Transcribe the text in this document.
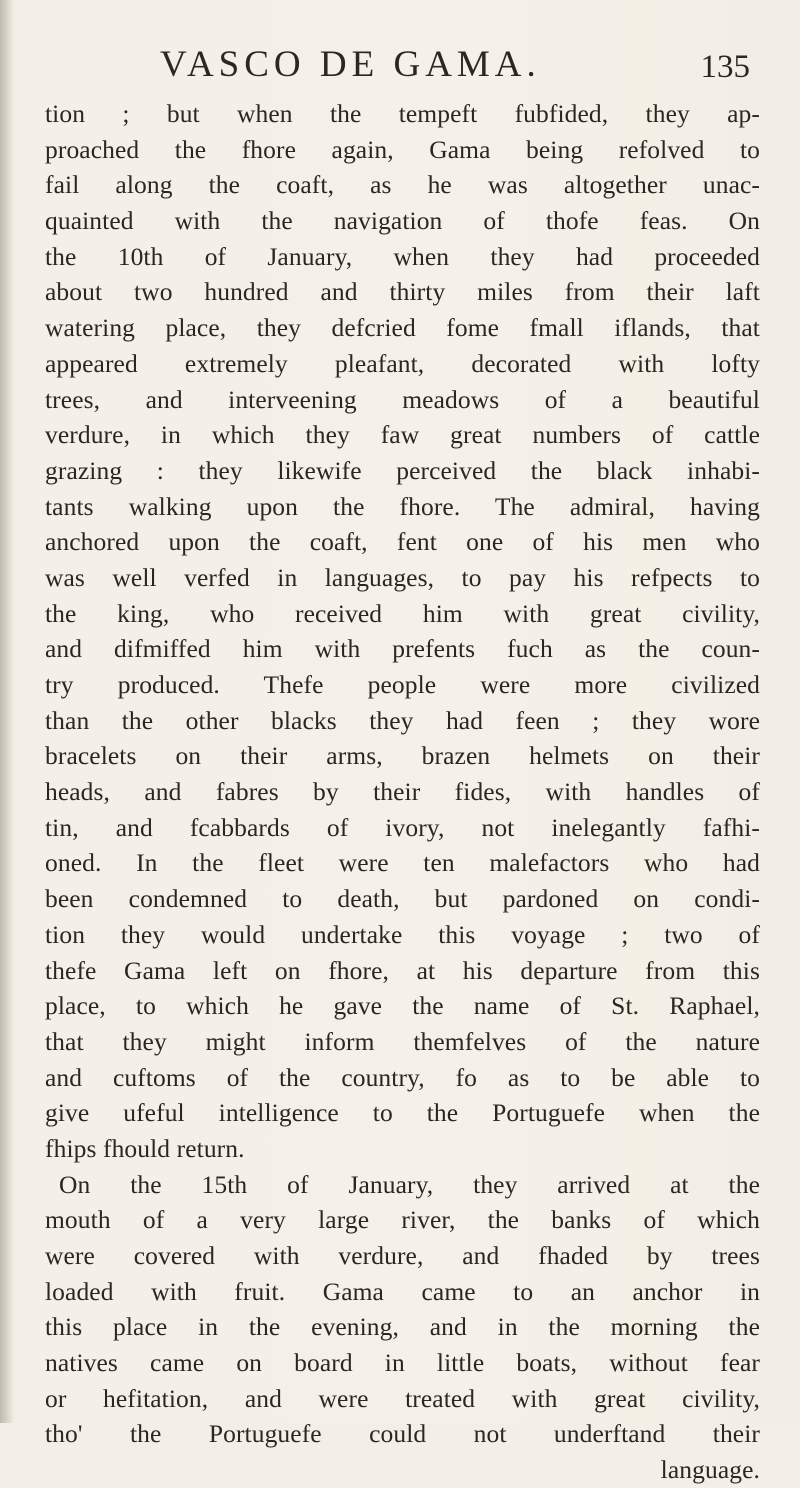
VASCO DE GAMA.	135
tion ; but when the tempeft fubfided, they ap-
proached the fhore again, Gama being refolved to
fail along the coaft, as he was altogether unac-
quainted with the navigation of thofe feas. On
the 10th of January, when they had proceeded
about two hundred and thirty miles from their laft
watering place, they defcried fome fmall iflands, that
appeared extremely pleafant, decorated with lofty
trees, and interveening meadows of a beautiful
verdure, in which they faw great numbers of cattle
grazing : they likewife perceived the black inhabi-
tants walking upon the fhore. The admiral, having
anchored upon the coaft, fent one of his men who
was well verfed in languages, to pay his refpects to
the king, who received him with great civility,
and difmiffed him with prefents fuch as the coun-
try produced. Thefe people were more civilized
than the other blacks they had feen ; they wore
bracelets on their arms, brazen helmets on their
heads, and fabres by their fides, with handles of
tin, and fcabbards of ivory, not inelegantly fafhi-
oned. In the fleet were ten malefactors who had
been condemned to death, but pardoned on condi-
tion they would undertake this voyage ; two of
thefe Gama left on fhore, at his departure from this
place, to which he gave the name of St. Raphael,
that they might inform themfelves of the nature
and cuftoms of the country, fo as to be able to
give ufeful intelligence to the Portuguefe when the
fhips fhould return.
On the 15th of January, they arrived at the
mouth of a very large river, the banks of which
were covered with verdure, and fhaded by trees
loaded with fruit. Gama came to an anchor in
this place in the evening, and in the morning the
natives came on board in little boats, without fear
or hefitation, and were treated with great civility,
tho' the Portuguefe could not underftand their
language.
